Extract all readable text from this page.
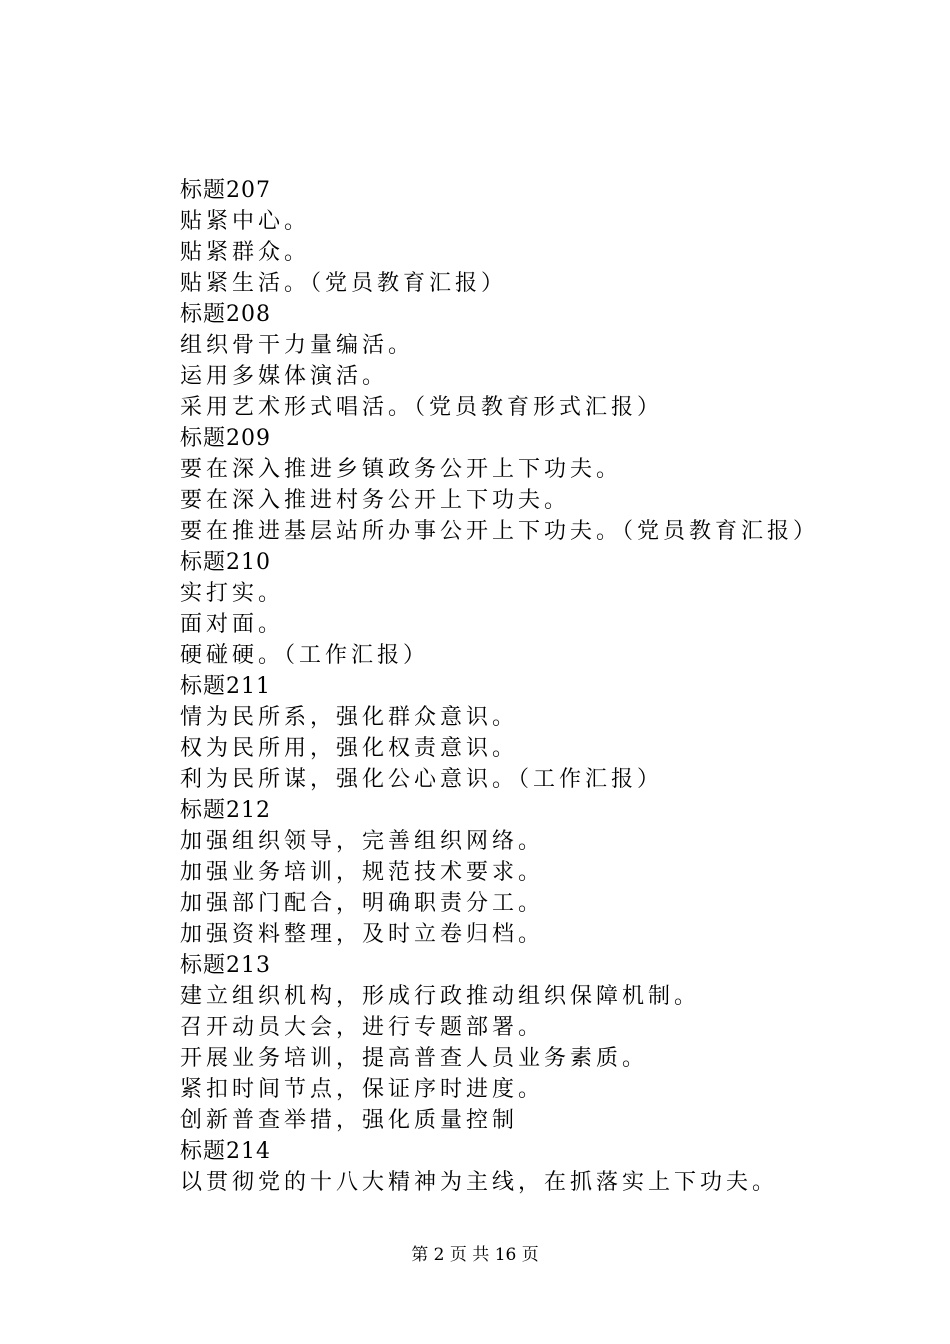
标题207
贴紧中心。
贴紧群众。
贴紧生活。（党员教育汇报）
标题208
组织骨干力量编活。
运用多媒体演活。
采用艺术形式唱活。（党员教育形式汇报）
标题209
要在深入推进乡镇政务公开上下功夫。
要在深入推进村务公开上下功夫。
要在推进基层站所办事公开上下功夫。（党员教育汇报）
标题210
实打实。
面对面。
硬碰硬。（工作汇报）
标题211
情为民所系，强化群众意识。
权为民所用，强化权责意识。
利为民所谋，强化公心意识。（工作汇报）
标题212
加强组织领导，完善组织网络。
加强业务培训，规范技术要求。
加强部门配合，明确职责分工。
加强资料整理，及时立卷归档。
标题213
建立组织机构，形成行政推动组织保障机制。
召开动员大会，进行专题部署。
开展业务培训，提高普查人员业务素质。
紧扣时间节点，保证序时进度。
创新普查举措，强化质量控制
标题214
以贯彻党的十八大精神为主线，在抓落实上下功夫。
第 2 页 共 16 页
